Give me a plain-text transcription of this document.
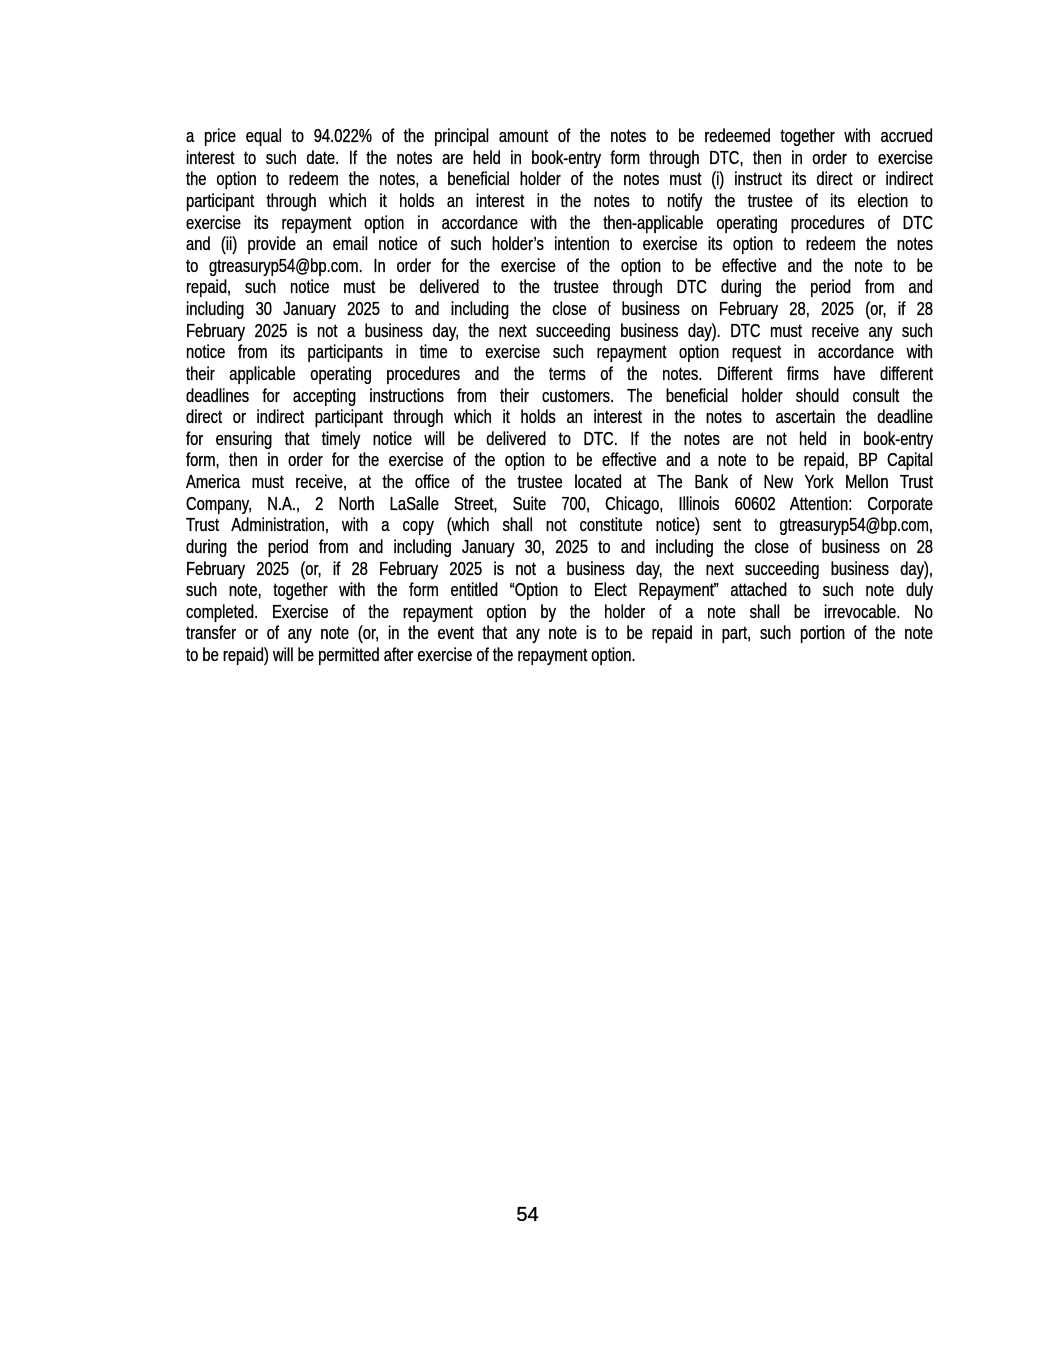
a price equal to 94.022% of the principal amount of the notes to be redeemed together with accrued
interest to such date. If the notes are held in book-entry form through DTC, then in order to exercise
the option to redeem the notes, a beneficial holder of the notes must (i) instruct its direct or indirect
participant through which it holds an interest in the notes to notify the trustee of its election to
exercise its repayment option in accordance with the then-applicable operating procedures of DTC
and (ii) provide an email notice of such holder’s intention to exercise its option to redeem the notes
to gtreasuryp54@bp.com. In order for the exercise of the option to be effective and the note to be
repaid, such notice must be delivered to the trustee through DTC during the period from and
including 30 January 2025 to and including the close of business on February 28, 2025 (or, if 28
February 2025 is not a business day, the next succeeding business day). DTC must receive any such
notice from its participants in time to exercise such repayment option request in accordance with
their applicable operating procedures and the terms of the notes. Different firms have different
deadlines for accepting instructions from their customers. The beneficial holder should consult the
direct or indirect participant through which it holds an interest in the notes to ascertain the deadline
for ensuring that timely notice will be delivered to DTC. If the notes are not held in book-entry
form, then in order for the exercise of the option to be effective and a note to be repaid, BP Capital
America must receive, at the office of the trustee located at The Bank of New York Mellon Trust
Company, N.A., 2 North LaSalle Street, Suite 700, Chicago, Illinois 60602 Attention: Corporate
Trust Administration, with a copy (which shall not constitute notice) sent to gtreasuryp54@bp.com,
during the period from and including January 30, 2025 to and including the close of business on 28
February 2025 (or, if 28 February 2025 is not a business day, the next succeeding business day),
such note, together with the form entitled “Option to Elect Repayment” attached to such note duly
completed. Exercise of the repayment option by the holder of a note shall be irrevocable. No
transfer or of any note (or, in the event that any note is to be repaid in part, such portion of the note
to be repaid) will be permitted after exercise of the repayment option.
54
